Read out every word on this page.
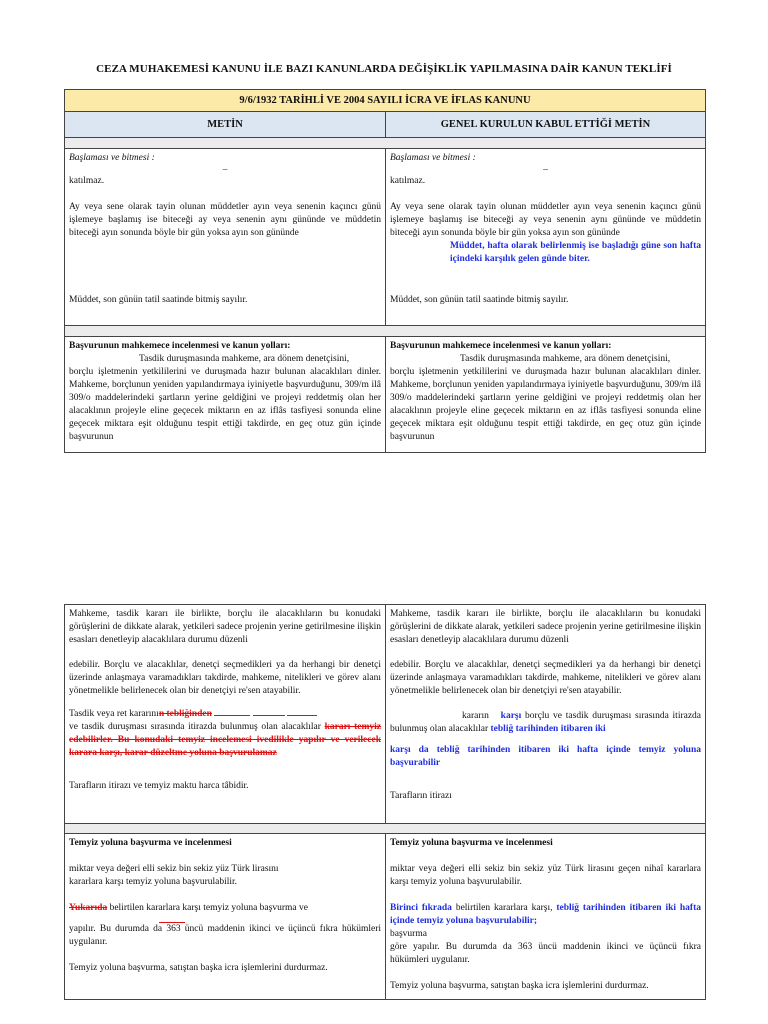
CEZA MUHAKEMESİ KANUNU İLE BAZI KANUNLARDA DEĞİŞİKLİK YAPILMASINA DAİR KANUN TEKLİFİ
9/6/1932 TARİHLİ VE 2004 SAYILI İCRA VE İFLAS KANUNU
METİN	GENEL KURULUN KABUL ETTİĞİ METİN
Başlaması ve bitmesi :
–
katılmaz.
Ay veya sene olarak tayin olunan müddetler ayın veya senenin kaçıncı günü işlemeye başlamış ise biteceği ay veya senenin aynı gününde ve müddetin biteceği ayın sonunda böyle bir gün yoksa ayın son gününde
Müddet, son günün tatil saatinde bitmiş sayılır.
Başlaması ve bitmesi :
–
katılmaz.
Ay veya sene olarak tayin olunan müddetler ayın veya senenin kaçıncı günü işlemeye başlamış ise biteceği ay veya senenin aynı gününde ve müddetin biteceği ayın sonunda böyle bir gün yoksa ayın son gününde
Müddet, hafta olarak belirlenmiş ise başladığı güne son hafta içindeki karşılık gelen günde biter.
Müddet, son günün tatil saatinde bitmiş sayılır.
Başvurunun mahkemece incelenmesi ve kanun yolları:
Tasdik duruşmasında mahkeme, ara dönem denetçisini,
borçlu işletmenin yetkililerini ve duruşmada hazır bulunan alacaklıları dinler. Mahkeme, borçlunun yeniden yapılandırmaya iyiniyetle başvurduğunu, 309/m ilâ 309/o maddelerindeki şartların yerine geldiğini ve projeyi reddetmiş olan her alacaklının projeyle eline geçecek miktarın en az iflâs tasfiyesi sonunda eline geçecek miktara eşit olduğunu tespit ettiği takdirde, en geç otuz gün içinde başvurunun
Başvurunun mahkemece incelenmesi ve kanun yolları:
Tasdik duruşmasında mahkeme, ara dönem denetçisini,
borçlu işletmenin yetkililerini ve duruşmada hazır bulunan alacaklıları dinler. Mahkeme, borçlunun yeniden yapılandırmaya iyiniyetle başvurduğunu, 309/m ilâ 309/o maddelerindeki şartların yerine geldiğini ve projeyi reddetmiş olan her alacaklının projeyle eline geçecek miktarın en az iflâs tasfiyesi sonunda eline geçecek miktara eşit olduğunu tespit ettiği takdirde, en geç otuz gün içinde başvurunun
Mahkeme, tasdik kararı ile birlikte, borçlu ile alacaklıların bu konudaki görüşlerini de dikkate alarak, yetkileri sadece projenin yerine getirilmesine ilişkin esasları denetleyip alacaklılara durumu düzenli
edebilir. Borçlu ve alacaklılar, denetçi seçmedikleri ya da herhangi bir denetçi üzerinde anlaşmaya varamadıkları takdirde, mahkeme, nitelikleri ve görev alanı yönetmelikle belirlenecek olan bir denetçiyi re'sen atayabilir.
Tasdik veya ret kararının tebliğinden
ve tasdik duruşması sırasında itirazda bulunmuş olan alacaklılar kararı temyiz edebilirler. Bu konudaki temyiz incelemesi ivedilikle yapılır ve verilecek karara karşı, karar düzeltme yoluna başvurulamaz
Tarafların itirazı ve temyiz maktu harca tâbidir.
Mahkeme, tasdik kararı ile birlikte, borçlu ile alacaklıların bu konudaki görüşlerini de dikkate alarak, yetkileri sadece projenin yerine getirilmesine ilişkin esasları denetleyip alacaklılara durumu düzenli
edebilir. Borçlu ve alacaklılar, denetçi seçmedikleri ya da herhangi bir denetçi üzerinde anlaşmaya varamadıkları takdirde, mahkeme, nitelikleri ve görev alanı yönetmelikle belirlenecek olan bir denetçiyi re'sen atayabilir.
kararın karşı borçlu ve tasdik duruşması sırasında itirazda bulunmuş olan alacaklılar tebliğ tarihinden itibaren iki
karşı da tebliğ tarihinden itibaren iki hafta içinde temyiz yoluna başvurabilir
Tarafların itirazı
Temyiz yoluna başvurma ve incelenmesi
miktar veya değeri elli sekiz bin sekiz yüz Türk lirasını
kararlara karşı temyiz yoluna başvurulabilir.
Yukarıda belirtilen kararlara karşı temyiz yoluna başvurma ve
yapılır. Bu durumda da 363 üncü maddenin ikinci ve üçüncü fıkra hükümleri uygulanır.
Temyiz yoluna başvurma, satıştan başka icra işlemlerini durdurmaz.
Temyiz yoluna başvurma ve incelenmesi
miktar veya değeri elli sekiz bin sekiz yüz Türk lirasını geçen nihaî kararlara karşı temyiz yoluna başvurulabilir.
Birinci fıkrada belirtilen kararlara karşı, tebliğ tarihinden itibaren iki hafta içinde temyiz yoluna başvurulabilir;
başvurma
göre yapılır. Bu durumda da 363 üncü maddenin ikinci ve üçüncü fıkra hükümleri uygulanır.
Temyiz yoluna başvurma, satıştan başka icra işlemlerini durdurmaz.
